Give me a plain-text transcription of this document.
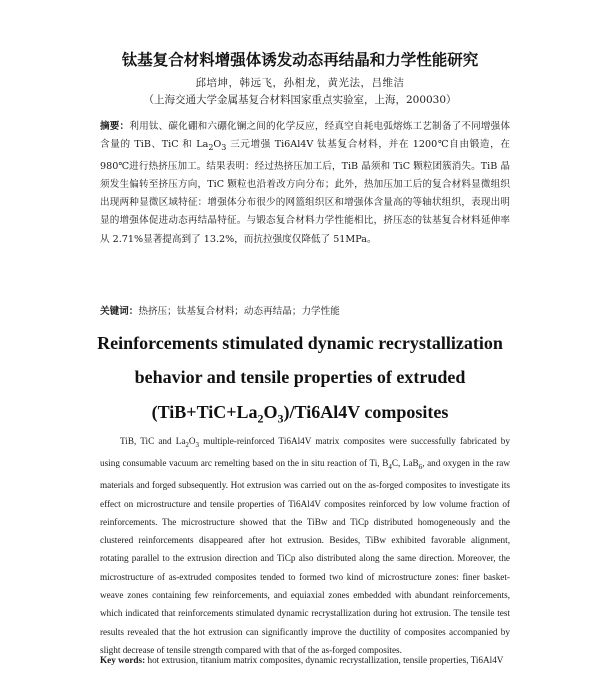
钛基复合材料增强体诱发动态再结晶和力学性能研究
邱培坤，韩远飞，孙相龙，黄光法，吕维洁
（上海交通大学金属基复合材料国家重点实验室，上海，200030）
摘要：利用钛、碳化硼和六硼化镧之间的化学反应，经真空自耗电弧熔炼工艺制备了不同增强体含量的 TiB、TiC 和 $La_2O_3$ 三元增强 Ti6Al4V 钛基复合材料，并在 1200℃自由锻造，在 980℃进行热挤压加工。结果表明：经过热挤压加工后，TiB 晶须和 TiC 颗粒团簇消失。TiB 晶须发生偏转至挤压方向，TiC 颗粒也沿着改方向分布；此外，热加压加工后的复合材料显微组织出现两种显微区域特征：增强体分布很少的网篮组织区和增强体含量高的等轴状组织，表现出明显的增强体促进动态再结晶特征。与锻态复合材料力学性能相比，挤压态的钛基复合材料延伸率从 2.71%显著提高到了 13.2%，而抗拉强度仅降低了 51MPa。
关键词：热挤压；钛基复合材料；动态再结晶；力学性能
Reinforcements stimulated dynamic recrystallization
behavior and tensile properties of extruded
$(TiB+TiC+La_2O_3)/Ti6Al4V$ composites
TiB, TiC and $La_2O_3$ multiple-reinforced Ti6Al4V matrix composites were successfully fabricated by using consumable vacuum arc remelting based on the in situ reaction of Ti, $B_4C$, LaB$_6$, and oxygen in the raw materials and forged subsequently. Hot extrusion was carried out on the as-forged composites to investigate its effect on microstructure and tensile properties of Ti6Al4V composites reinforced by low volume fraction of reinforcements. The microstructure showed that the TiBw and TiCp distributed homogeneously and the clustered reinforcements disappeared after hot extrusion. Besides, TiBw exhibited favorable alignment, rotating parallel to the extrusion direction and TiCp also distributed along the same direction. Moreover, the microstructure of as-extruded composites tended to formed two kind of microstructure zones: finer basket-weave zones containing few reinforcements, and equiaxial zones embedded with abundant reinforcements, which indicated that reinforcements stimulated dynamic recrystallization during hot extrusion. The tensile test results revealed that the hot extrusion can significantly improve the ductility of composites accompanied by slight decrease of tensile strength compared with that of the as-forged composites.
Key words: hot extrusion, titanium matrix composites, dynamic recrystallization, tensile properties, Ti6Al4V
